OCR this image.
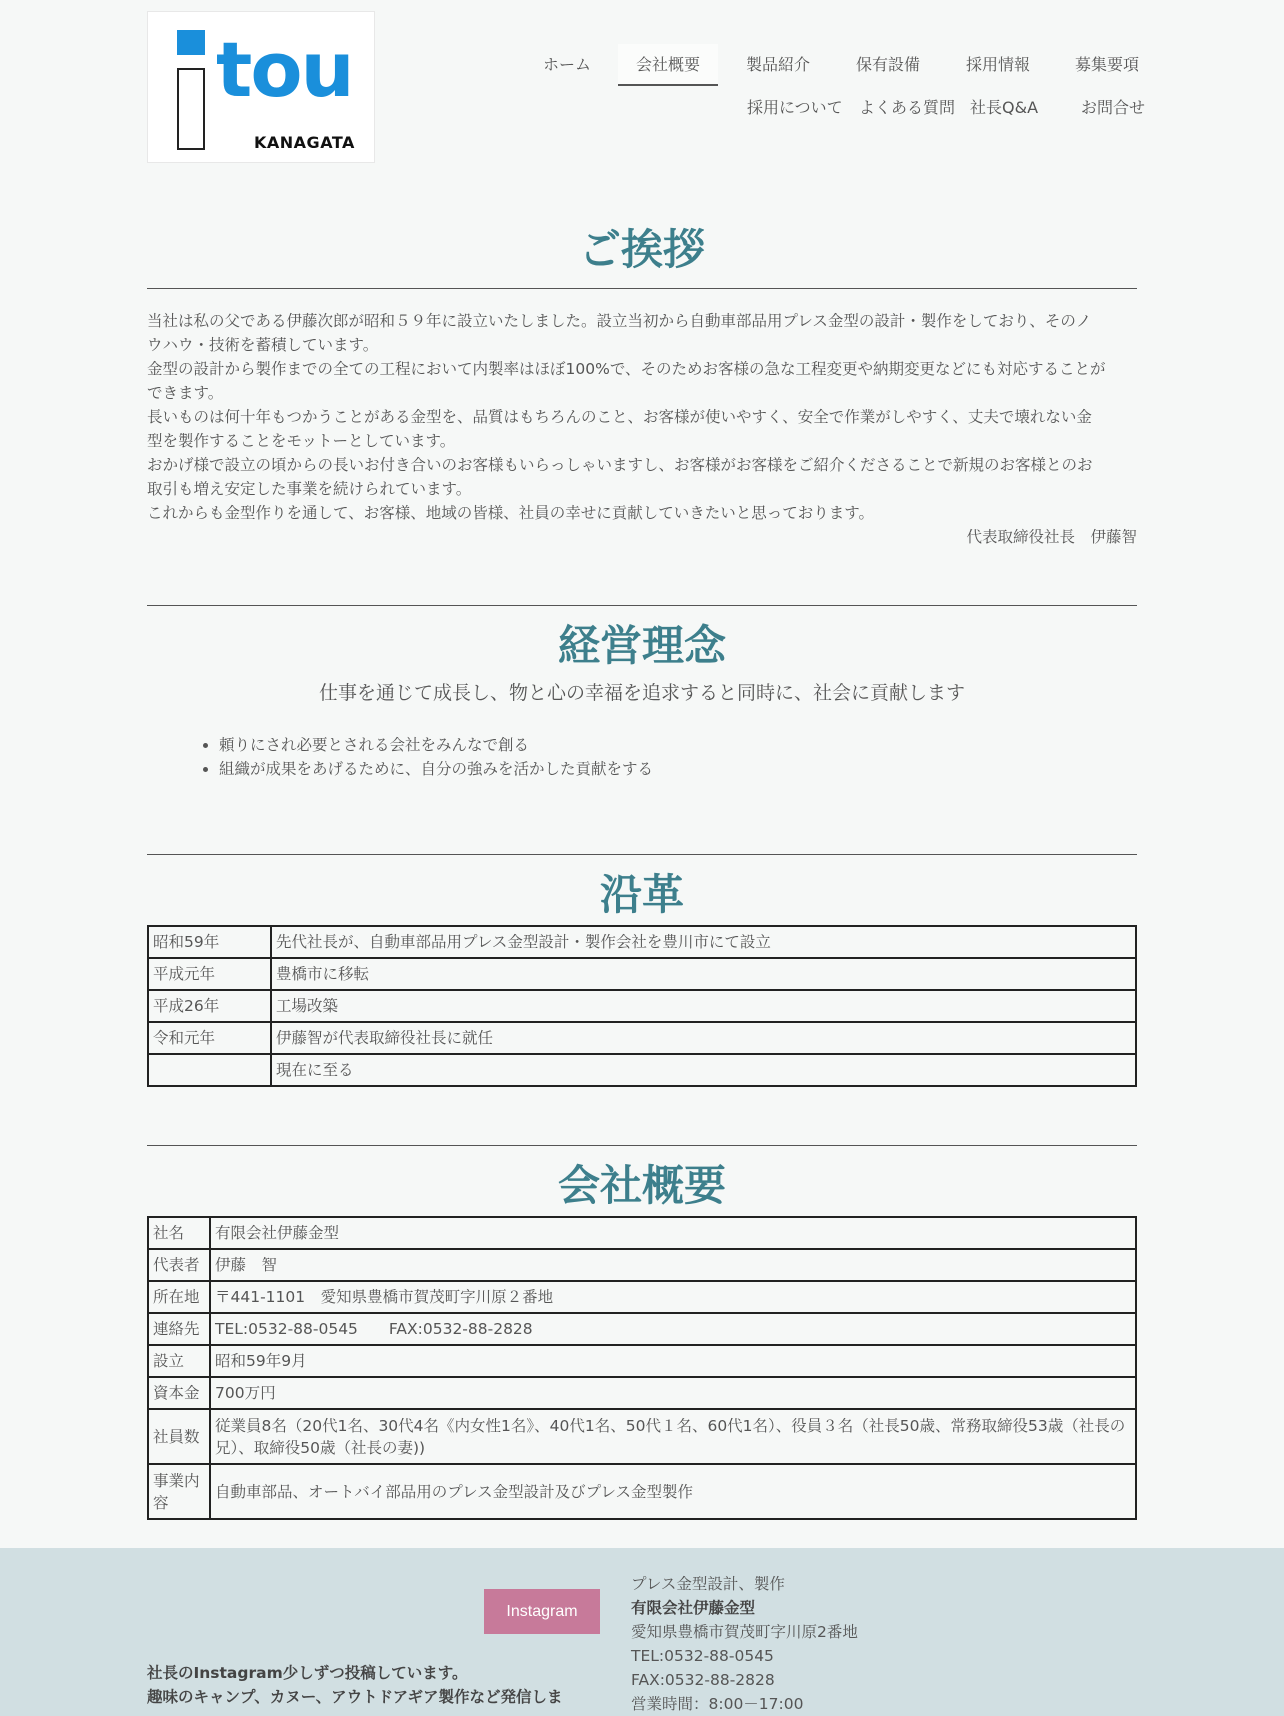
tou
KANAGATA
ホーム	会社概要	製品紹介	保有設備	採用情報	募集要項
採用について よくある質問 社長Q&A	お問合せ
ご挨拶
当社は私の父である伊藤次郎が昭和５９年に設立いたしました。設立当初から自動車部品用プレス金型の設計・製作をしており、そのノ
ウハウ・技術を蓄積しています。
金型の設計から製作までの全ての工程において内製率はほぼ100%で、そのためお客様の急な工程変更や納期変更などにも対応することが
できます。
長いものは何十年もつかうことがある金型を、品質はもちろんのこと、お客様が使いやすく、安全で作業がしやすく、丈夫で壊れない金
型を製作することをモットーとしています。
おかげ様で設立の頃からの長いお付き合いのお客様もいらっしゃいますし、お客様がお客様をご紹介くださることで新規のお客様とのお
取引も増え安定した事業を続けられています。
これからも金型作りを通して、お客様、地域の皆様、社員の幸せに貢献していきたいと思っております。
代表取締役社長　伊藤智
経営理念
仕事を通じて成長し、物と心の幸福を追求すると同時に、社会に貢献します
• 頼りにされ必要とされる会社をみんなで創る
• 組織が成果をあげるために、自分の強みを活かした貢献をする
沿革
昭和59年	先代社長が、自動車部品用プレス金型設計・製作会社を豊川市にて設立
平成元年	豊橋市に移転
平成26年	工場改築
令和元年	伊藤智が代表取締役社長に就任
	現在に至る
会社概要
社名	有限会社伊藤金型
代表者	伊藤　智
所在地	〒441-1101　愛知県豊橋市賀茂町字川原２番地
連絡先	TEL:0532-88-0545　　FAX:0532-88-2828
設立	昭和59年9月
資本金	700万円
社員数	従業員8名（20代1名、30代4名《内女性1名》、40代1名、50代１名、60代1名）、役員３名（社長50歳、常務取締役53歳（社長の兄）、取締役50歳（社長の妻))
事業内容	自動車部品、オートバイ部品用のプレス金型設計及びプレス金型製作
Instagram
社長のInstagram少しずつ投稿しています。
趣味のキャンプ、カヌー、アウトドアギア製作など発信しま
プレス金型設計、製作
有限会社伊藤金型
愛知県豊橋市賀茂町字川原2番地
TEL:0532-88-0545
FAX:0532-88-2828
営業時間：8:00－17:00
